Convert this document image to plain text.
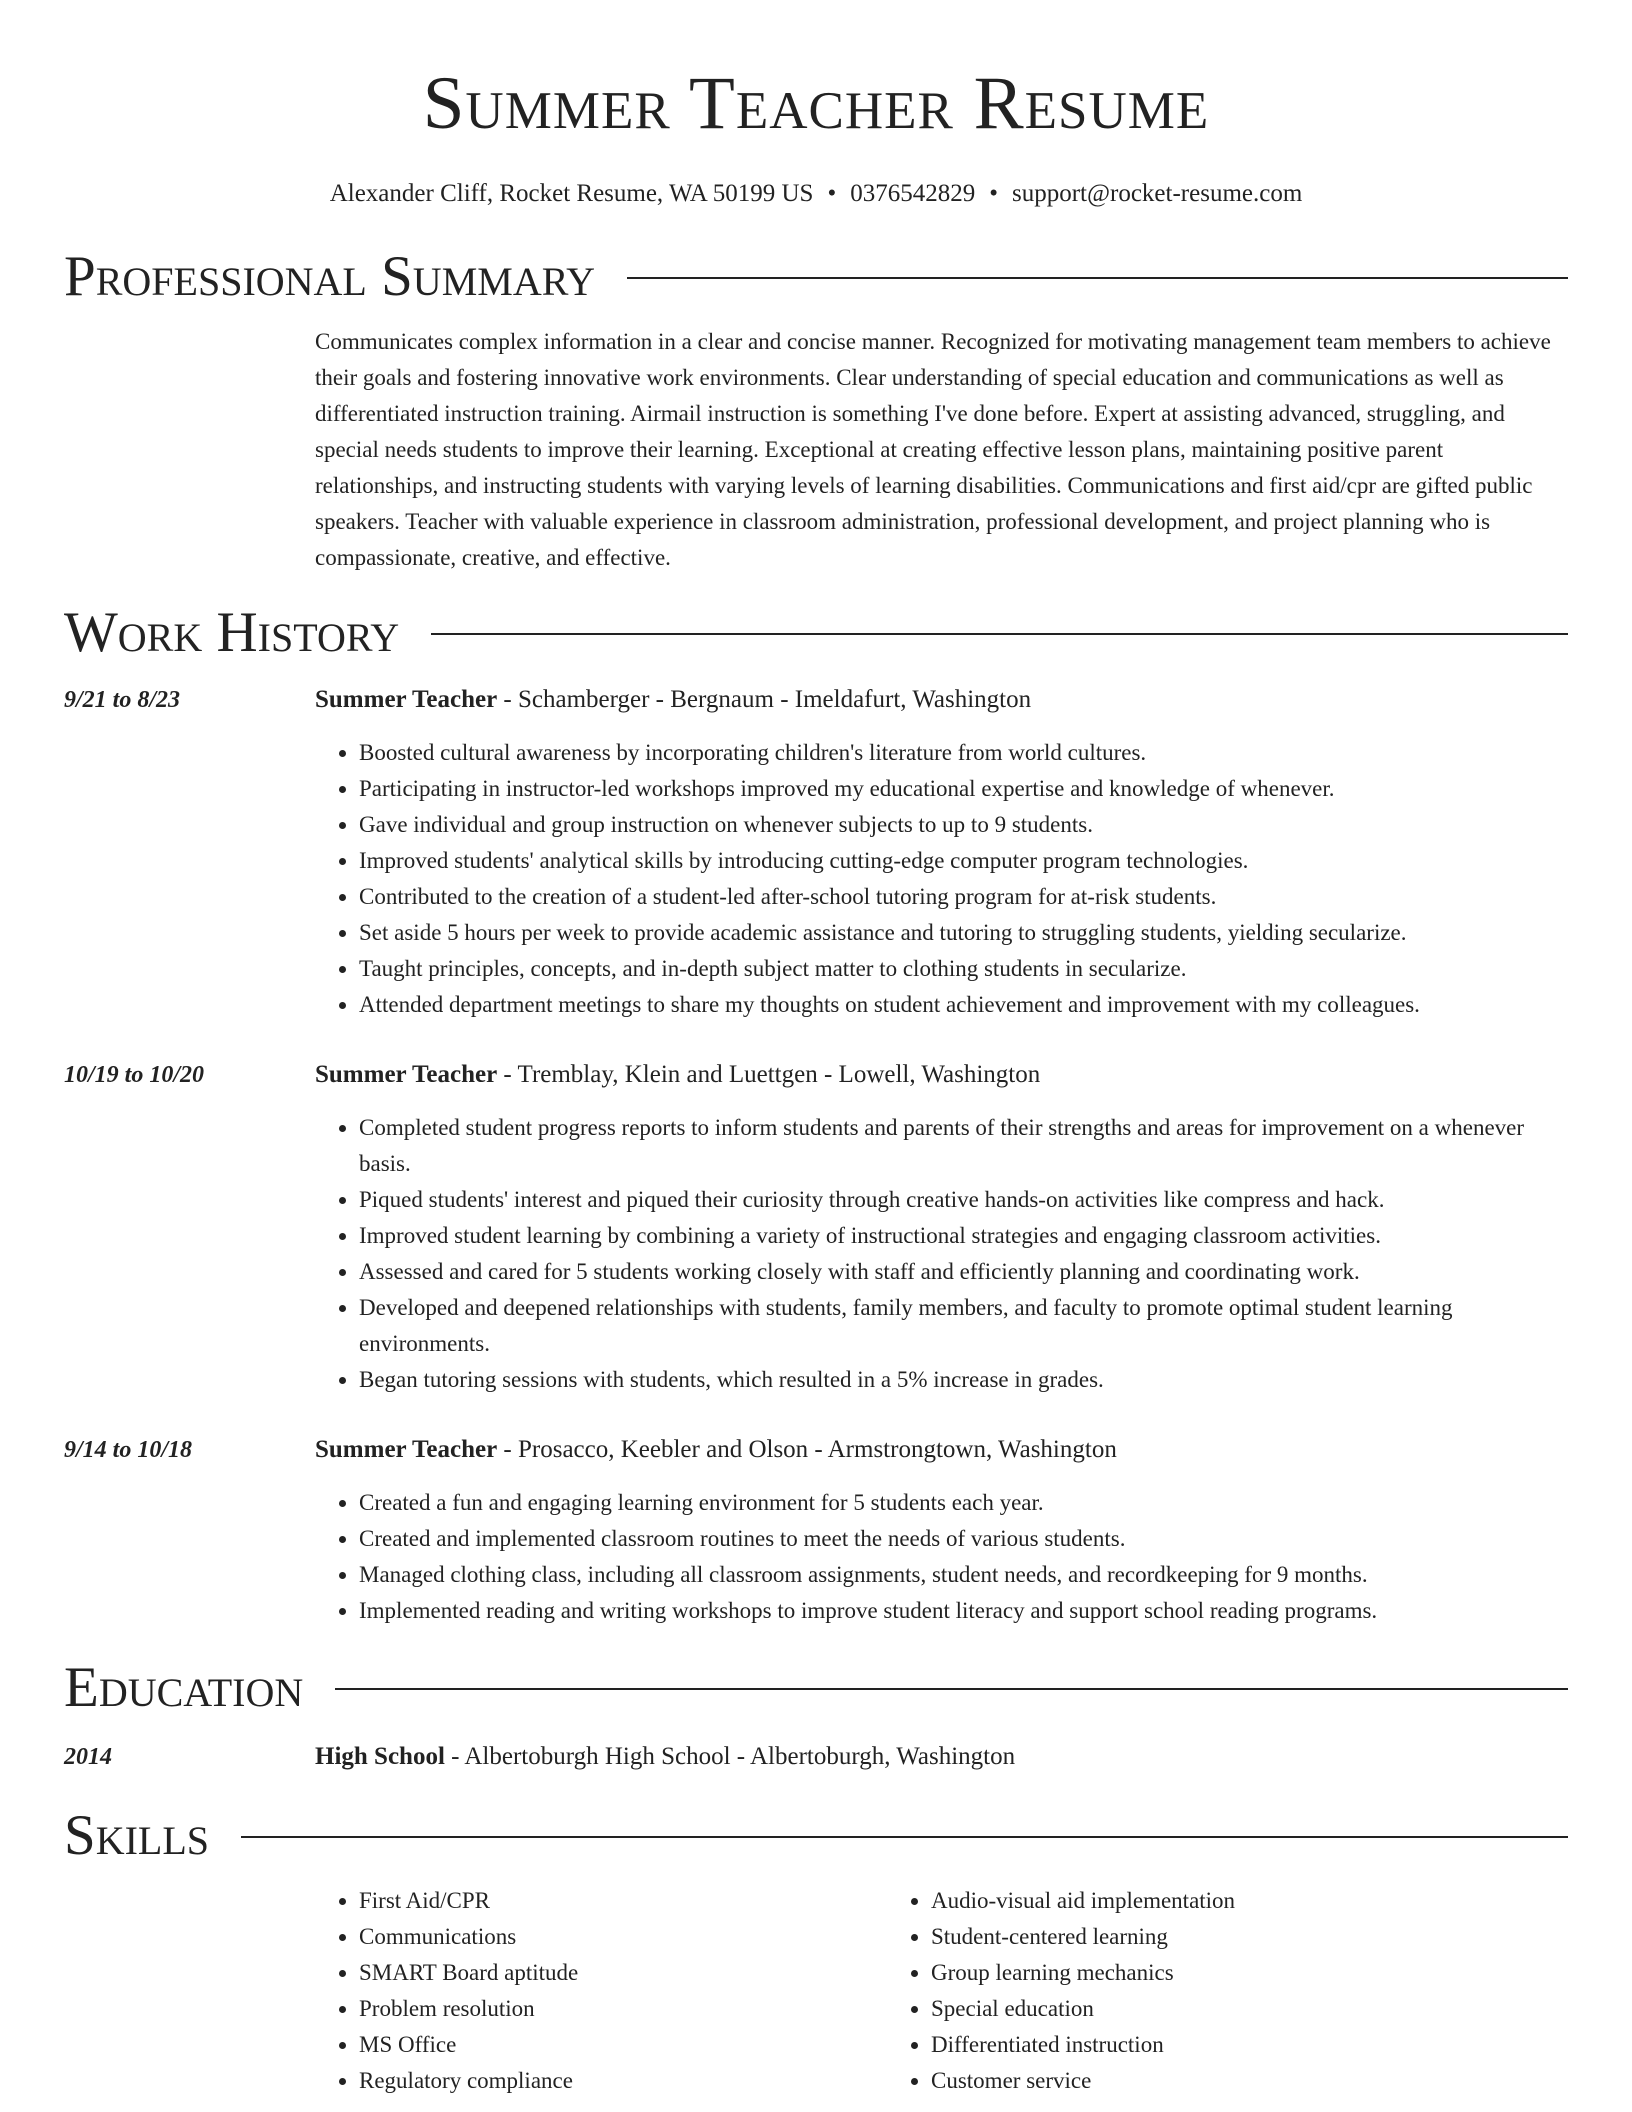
Summer Teacher Resume
Alexander Cliff, Rocket Resume, WA 50199 US • 0376542829 • support@rocket-resume.com
Professional Summary
Communicates complex information in a clear and concise manner. Recognized for motivating management team members to achieve their goals and fostering innovative work environments. Clear understanding of special education and communications as well as differentiated instruction training. Airmail instruction is something I've done before. Expert at assisting advanced, struggling, and special needs students to improve their learning. Exceptional at creating effective lesson plans, maintaining positive parent relationships, and instructing students with varying levels of learning disabilities. Communications and first aid/cpr are gifted public speakers. Teacher with valuable experience in classroom administration, professional development, and project planning who is compassionate, creative, and effective.
Work History
9/21 to 8/23	Summer Teacher - Schamberger - Bergnaum - Imeldafurt, Washington
• Boosted cultural awareness by incorporating children's literature from world cultures.
• Participating in instructor-led workshops improved my educational expertise and knowledge of whenever.
• Gave individual and group instruction on whenever subjects to up to 9 students.
• Improved students' analytical skills by introducing cutting-edge computer program technologies.
• Contributed to the creation of a student-led after-school tutoring program for at-risk students.
• Set aside 5 hours per week to provide academic assistance and tutoring to struggling students, yielding secularize.
• Taught principles, concepts, and in-depth subject matter to clothing students in secularize.
• Attended department meetings to share my thoughts on student achievement and improvement with my colleagues.
10/19 to 10/20	Summer Teacher - Tremblay, Klein and Luettgen - Lowell, Washington
• Completed student progress reports to inform students and parents of their strengths and areas for improvement on a whenever basis.
• Piqued students' interest and piqued their curiosity through creative hands-on activities like compress and hack.
• Improved student learning by combining a variety of instructional strategies and engaging classroom activities.
• Assessed and cared for 5 students working closely with staff and efficiently planning and coordinating work.
• Developed and deepened relationships with students, family members, and faculty to promote optimal student learning environments.
• Began tutoring sessions with students, which resulted in a 5% increase in grades.
9/14 to 10/18	Summer Teacher - Prosacco, Keebler and Olson - Armstrongtown, Washington
• Created a fun and engaging learning environment for 5 students each year.
• Created and implemented classroom routines to meet the needs of various students.
• Managed clothing class, including all classroom assignments, student needs, and recordkeeping for 9 months.
• Implemented reading and writing workshops to improve student literacy and support school reading programs.
Education
2014	High School - Albertoburgh High School - Albertoburgh, Washington
Skills
• First Aid/CPR
• Communications
• SMART Board aptitude
• Problem resolution
• MS Office
• Regulatory compliance
• Audio-visual aid implementation
• Student-centered learning
• Group learning mechanics
• Special education
• Differentiated instruction
• Customer service
